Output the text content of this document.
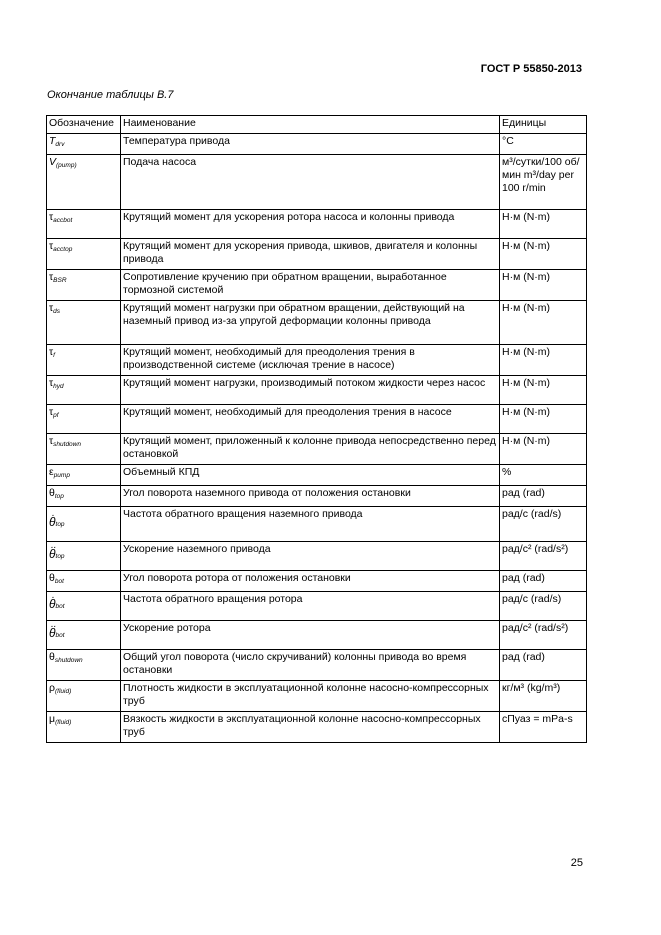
ГОСТ Р 55850-2013
Окончание таблицы В.7
Обозначение	Наименование	Единицы
$T_{drv}$	Температура привода	°C
$V_{(pump)}$	Подача насоса	м³/сутки/100 об/мин m³/day per 100 r/min
$\tau_{accbot}$	Крутящий момент для ускорения ротора насоса и колонны привода	Н·м (N·m)
$\tau_{acctop}$	Крутящий момент для ускорения привода, шкивов, двигателя и колонны привода	Н·м (N·m)
$\tau_{BSR}$	Сопротивление кручению при обратном вращении, выработанное тормозной системой	Н·м (N·m)
$\tau_{ds}$	Крутящий момент нагрузки при обратном вращении, действующий на наземный привод из-за упругой деформации колонны привода	Н·м (N·m)
$\tau_f$	Крутящий момент, необходимый для преодоления трения в производственной системе (исключая трение в насосе)	Н·м (N·m)
$\tau_{hyd}$	Крутящий момент нагрузки, производимый потоком жидкости через насос	Н·м (N·m)
$\tau_{pf}$	Крутящий момент, необходимый для преодоления трения в насосе	Н·м (N·m)
$\tau_{shutdown}$	Крутящий момент, приложенный к колонне привода непосредственно перед остановкой	Н·м (N·m)
$\varepsilon_{pump}$	Объемный КПД	%
$\theta_{top}$	Угол поворота наземного привода от положения остановки	рад (rad)
. θtop	Частота обратного вращения наземного привода	рад/с (rad/s)
.. θtop	Ускорение наземного привода	рад/с² (rad/s²)
$\theta_{bot}$	Угол поворота ротора от положения остановки	рад (rad)
. θbot	Частота обратного вращения ротора	рад/с (rad/s)
.. θbot	Ускорение ротора	рад/с² (rad/s²)
$\theta_{shutdown}$	Общий угол поворота (число скручиваний) колонны привода во время остановки	рад (rad)
$\rho_{(fluid)}$	Плотность жидкости в эксплуатационной колонне насосно-компрессорных труб	кг/м³ (kg/m³)
$\mu_{(fluid)}$	Вязкость жидкости в эксплуатационной колонне насосно-компрессорных труб	сПуаз = mPa-s
25
